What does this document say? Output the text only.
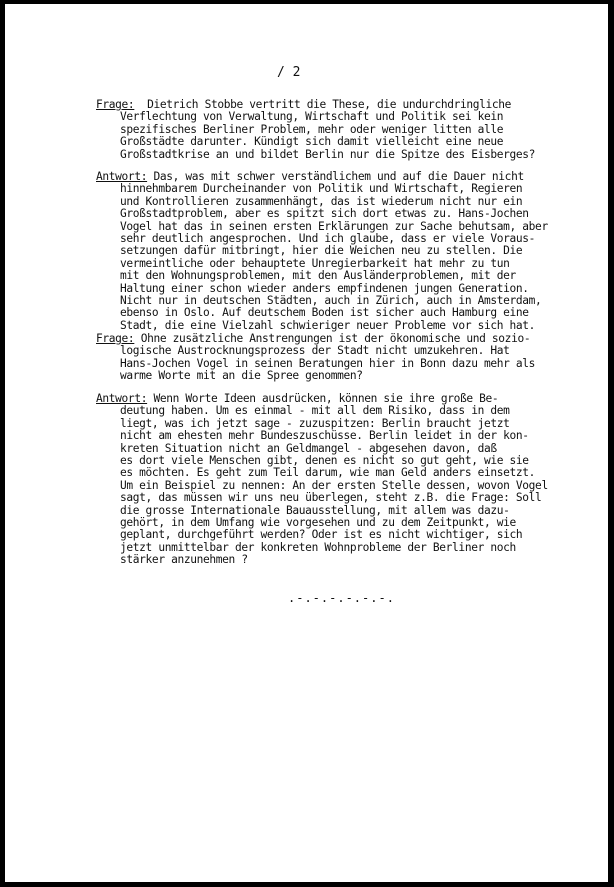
/ 2
Frage:  Dietrich Stobbe vertritt die These, die undurchdringliche
Verflechtung von Verwaltung, Wirtschaft und Politik sei kein
spezifisches Berliner Problem, mehr oder weniger litten alle
Großstädte darunter. Kündigt sich damit vielleicht eine neue
Großstadtkrise an und bildet Berlin nur die Spitze des Eisberges?
Antwort: Das, was mit schwer verständlichem und auf die Dauer nicht
hinnehmbarem Durcheinander von Politik und Wirtschaft, Regieren
und Kontrollieren zusammenhängt, das ist wiederum nicht nur ein
Großstadtproblem, aber es spitzt sich dort etwas zu. Hans-Jochen
Vogel hat das in seinen ersten Erklärungen zur Sache behutsam, aber
sehr deutlich angesprochen. Und ich glaube, dass er viele Voraus-
setzungen dafür mitbringt, hier die Weichen neu zu stellen. Die
vermeintliche oder behauptete Unregierbarkeit hat mehr zu tun
mit den Wohnungsproblemen, mit den Ausländerproblemen, mit der
Haltung einer schon wieder anders empfindenen jungen Generation.
Nicht nur in deutschen Städten, auch in Zürich, auch in Amsterdam,
ebenso in Oslo. Auf deutschem Boden ist sicher auch Hamburg eine
Stadt, die eine Vielzahl schwieriger neuer Probleme vor sich hat.
Frage: Ohne zusätzliche Anstrengungen ist der ökonomische und sozio-
logische Austrocknungsprozess der Stadt nicht umzukehren. Hat
Hans-Jochen Vogel in seinen Beratungen hier in Bonn dazu mehr als
warme Worte mit an die Spree genommen?
Antwort: Wenn Worte Ideen ausdrücken, können sie ihre große Be-
deutung haben. Um es einmal - mit all dem Risiko, dass in dem
liegt, was ich jetzt sage - zuzuspitzen: Berlin braucht jetzt
nicht am ehesten mehr Bundeszuschüsse. Berlin leidet in der kon-
kreten Situation nicht an Geldmangel - abgesehen davon, daß
es dort viele Menschen gibt, denen es nicht so gut geht, wie sie
es möchten. Es geht zum Teil darum, wie man Geld anders einsetzt.
Um ein Beispiel zu nennen: An der ersten Stelle dessen, wovon Vogel
sagt, das müssen wir uns neu überlegen, steht z.B. die Frage: Soll
die grosse Internationale Bauausstellung, mit allem was dazu-
gehört, in dem Umfang wie vorgesehen und zu dem Zeitpunkt, wie
geplant, durchgeführt werden? Oder ist es nicht wichtiger, sich
jetzt unmittelbar der konkreten Wohnprobleme der Berliner noch
stärker anzunehmen ?
.-.-.-.-.-.-.
